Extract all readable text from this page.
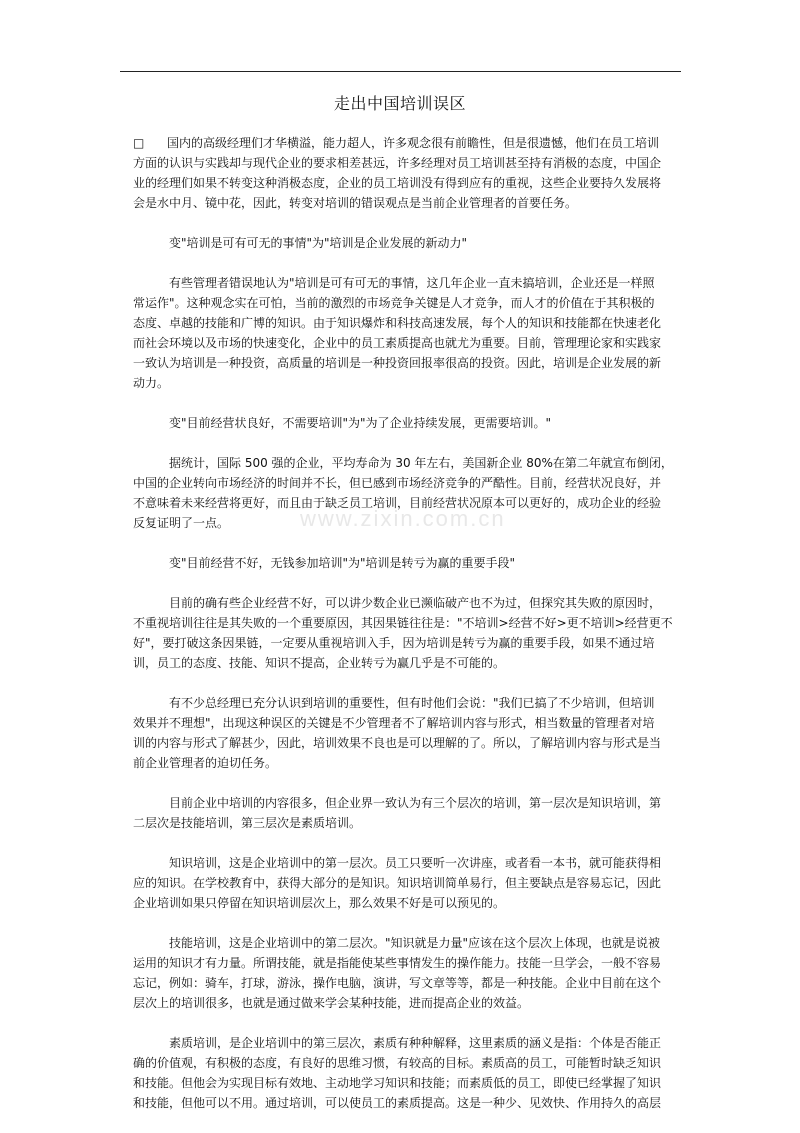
www.zixin.com.cn
走出中国培训误区
□ 国内的高级经理们才华横溢，能力超人，许多观念很有前瞻性，但是很遗憾，他们在员工培训
方面的认识与实践却与现代企业的要求相差甚远，许多经理对员工培训甚至持有消极的态度，中国企
业的经理们如果不转变这种消极态度，企业的员工培训没有得到应有的重视，这些企业要持久发展将
会是水中月、镜中花，因此，转变对培训的错误观点是当前企业管理者的首要任务。
变"培训是可有可无的事情"为"培训是企业发展的新动力"
有些管理者错误地认为"培训是可有可无的事情，这几年企业一直未搞培训，企业还是一样照
常运作"。这种观念实在可怕，当前的激烈的市场竞争关键是人才竞争，而人才的价值在于其积极的
态度、卓越的技能和广博的知识。由于知识爆炸和科技高速发展，每个人的知识和技能都在快速老化
而社会环境以及市场的快速变化，企业中的员工素质提高也就尤为重要。目前，管理理论家和实践家
一致认为培训是一种投资，高质量的培训是一种投资回报率很高的投资。因此，培训是企业发展的新
动力。
变"目前经营状良好，不需要培训"为"为了企业持续发展，更需要培训。"
据统计，国际 500 强的企业，平均寿命为 30 年左右，美国新企业 80%在第二年就宣布倒闭，
中国的企业转向市场经济的时间并不长，但已感到市场经济竞争的严酷性。目前，经营状况良好，并
不意味着未来经营将更好，而且由于缺乏员工培训，目前经营状况原本可以更好的，成功企业的经验
反复证明了一点。
变"目前经营不好，无钱参加培训"为"培训是转亏为赢的重要手段"
目前的确有些企业经营不好，可以讲少数企业已濒临破产也不为过，但探究其失败的原因时，
不重视培训往往是其失败的一个重要原因，其因果链往往是："不培训>经营不好>更不培训>经营更不
好"，要打破这条因果链，一定要从重视培训入手，因为培训是转亏为赢的重要手段，如果不通过培
训，员工的态度、技能、知识不提高，企业转亏为赢几乎是不可能的。
有不少总经理已充分认识到培训的重要性，但有时他们会说："我们已搞了不少培训，但培训
效果并不理想"，出现这种误区的关键是不少管理者不了解培训内容与形式，相当数量的管理者对培
训的内容与形式了解甚少，因此，培训效果不良也是可以理解的了。所以，了解培训内容与形式是当
前企业管理者的迫切任务。
目前企业中培训的内容很多，但企业界一致认为有三个层次的培训，第一层次是知识培训，第
二层次是技能培训，第三层次是素质培训。
知识培训，这是企业培训中的第一层次。员工只要听一次讲座，或者看一本书，就可能获得相
应的知识。在学校教育中，获得大部分的是知识。知识培训简单易行，但主要缺点是容易忘记，因此
企业培训如果只停留在知识培训层次上，那么效果不好是可以预见的。
技能培训，这是企业培训中的第二层次。"知识就是力量"应该在这个层次上体现，也就是说被
运用的知识才有力量。所谓技能，就是指能使某些事情发生的操作能力。技能一旦学会，一般不容易
忘记，例如：骑车，打球，游泳，操作电脑，演讲，写文章等等，都是一种技能。企业中目前在这个
层次上的培训很多，也就是通过做来学会某种技能，进而提高企业的效益。
素质培训，是企业培训中的第三层次，素质有种种解释，这里素质的涵义是指：个体是否能正
确的价值观，有积极的态度，有良好的思维习惯，有较高的目标。素质高的员工，可能暂时缺乏知识
和技能。但他会为实现目标有效地、主动地学习知识和技能；而素质低的员工，即使已经掌握了知识
和技能，但他可以不用。通过培训，可以使员工的素质提高。这是一种少、见效快、作用持久的高层
